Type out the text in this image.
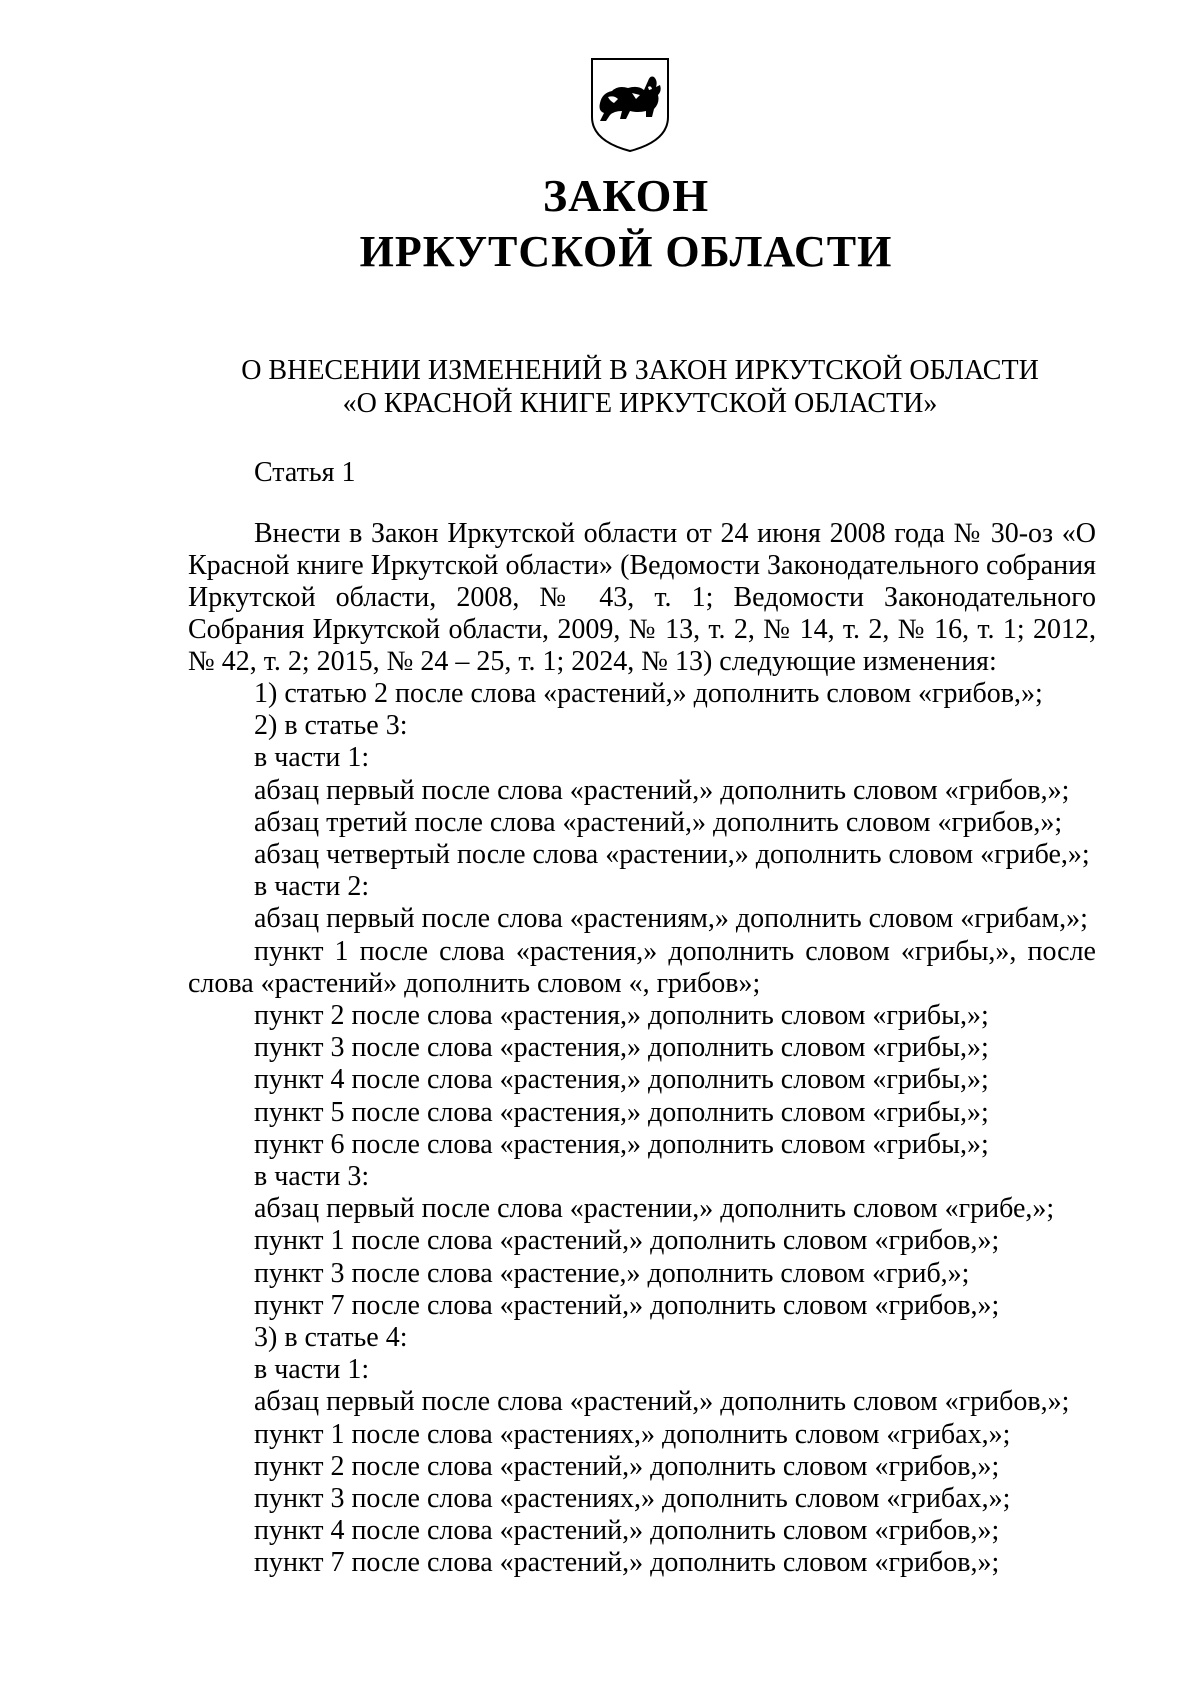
ЗАКОН
ИРКУТСКОЙ ОБЛАСТИ
О ВНЕСЕНИИ ИЗМЕНЕНИЙ В ЗАКОН ИРКУТСКОЙ ОБЛАСТИ
«О КРАСНОЙ КНИГЕ ИРКУТСКОЙ ОБЛАСТИ»
Статья 1

Внести в Закон Иркутской области от 24 июня 2008 года № 30-оз «О Красной книге Иркутской области» (Ведомости Законодательного собрания Иркутской области, 2008, № 43, т. 1; Ведомости Законодательного Собрания Иркутской области, 2009, № 13, т. 2, № 14, т. 2, № 16, т. 1; 2012, № 42, т. 2; 2015, № 24 – 25, т. 1; 2024, № 13) следующие изменения:

1) статью 2 после слова «растений,» дополнить словом «грибов,»;
2) в статье 3:
в части 1:
абзац первый после слова «растений,» дополнить словом «грибов,»;
абзац третий после слова «растений,» дополнить словом «грибов,»;
абзац четвертый после слова «растении,» дополнить словом «грибе,»;
в части 2:
абзац первый после слова «растениям,» дополнить словом «грибам,»;
пункт 1 после слова «растения,» дополнить словом «грибы,», после слова «растений» дополнить словом «, грибов»;
пункт 2 после слова «растения,» дополнить словом «грибы,»;
пункт 3 после слова «растения,» дополнить словом «грибы,»;
пункт 4 после слова «растения,» дополнить словом «грибы,»;
пункт 5 после слова «растения,» дополнить словом «грибы,»;
пункт 6 после слова «растения,» дополнить словом «грибы,»;
в части 3:
абзац первый после слова «растении,» дополнить словом «грибе,»;
пункт 1 после слова «растений,» дополнить словом «грибов,»;
пункт 3 после слова «растение,» дополнить словом «гриб,»;
пункт 7 после слова «растений,» дополнить словом «грибов,»;
3) в статье 4:
в части 1:
абзац первый после слова «растений,» дополнить словом «грибов,»;
пункт 1 после слова «растениях,» дополнить словом «грибах,»;
пункт 2 после слова «растений,» дополнить словом «грибов,»;
пункт 3 после слова «растениях,» дополнить словом «грибах,»;
пункт 4 после слова «растений,» дополнить словом «грибов,»;
пункт 7 после слова «растений,» дополнить словом «грибов,»;
